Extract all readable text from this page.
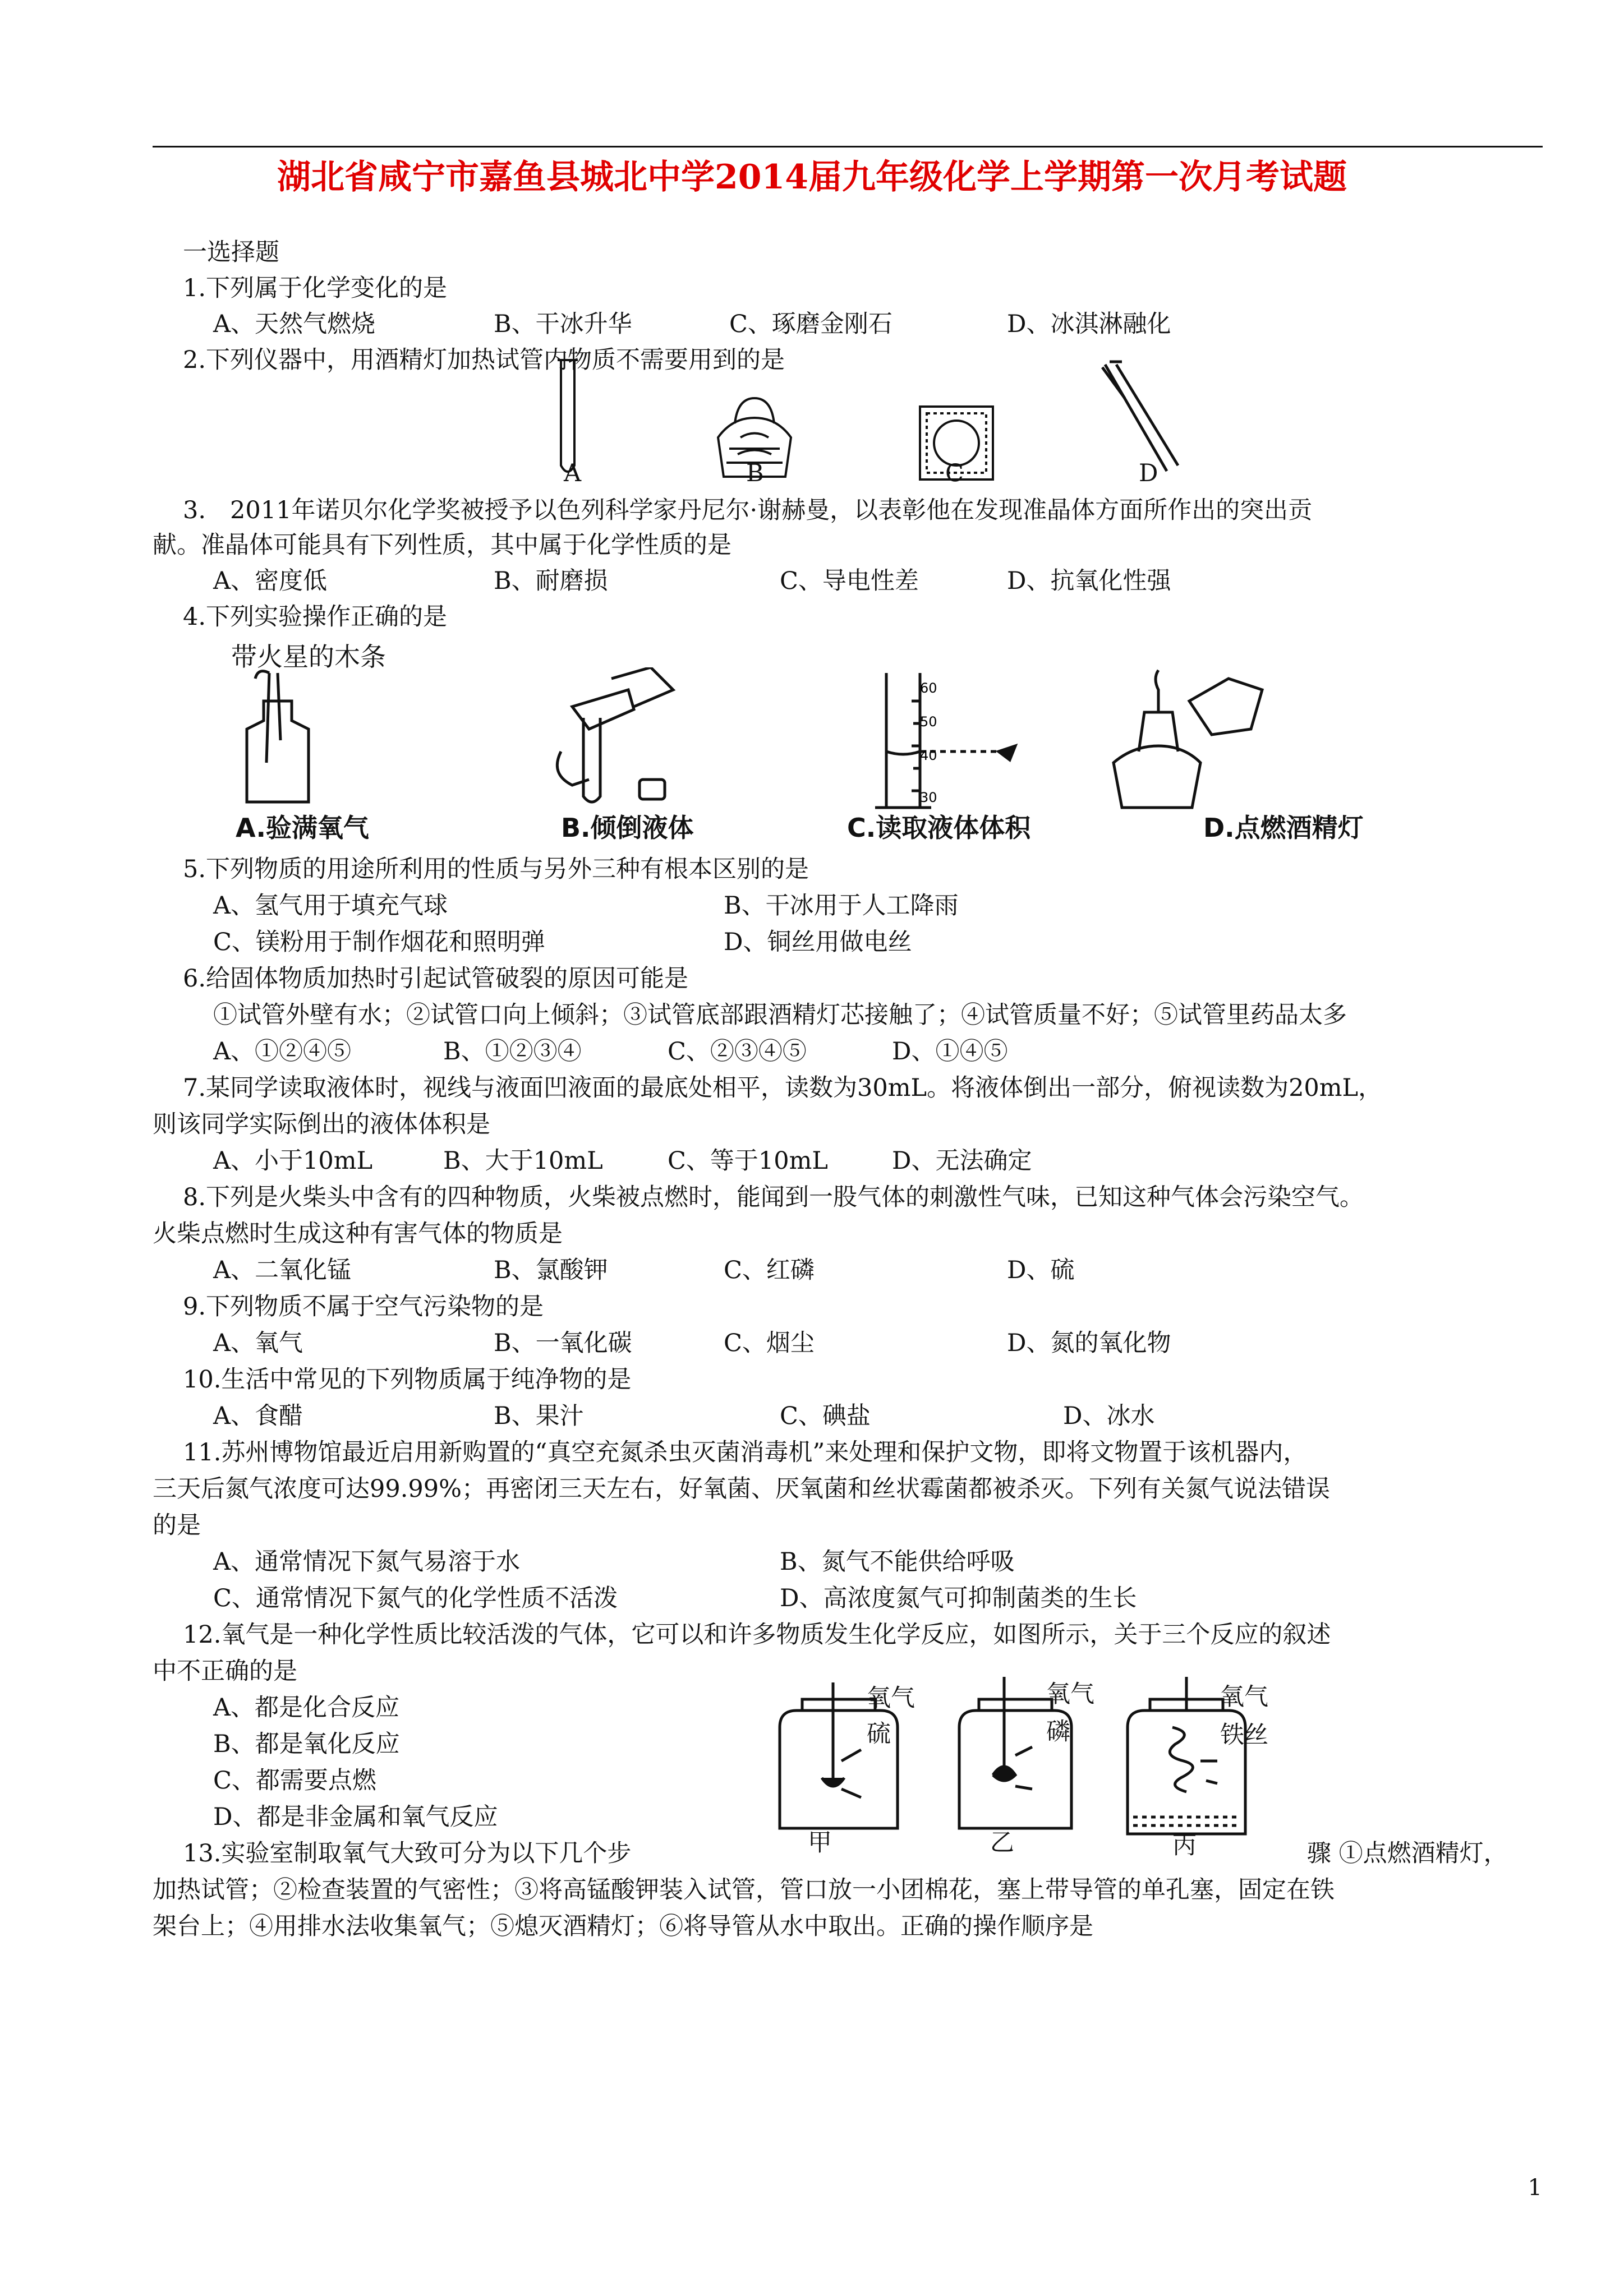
湖北省咸宁市嘉鱼县城北中学2014届九年级化学上学期第一次月考试题
一选择题
1.下列属于化学变化的是
A、天然气燃烧	B、干冰升华	C、琢磨金刚石	D、冰淇淋融化
2.下列仪器中，用酒精灯加热试管内物质不需要用到的是
A	B	C	D
3.　2011年诺贝尔化学奖被授予以色列科学家丹尼尔·谢赫曼，以表彰他在发现准晶体方面所作出的突出贡
献。准晶体可能具有下列性质，其中属于化学性质的是
A、密度低	B、耐磨损	C、导电性差	D、抗氧化性强
4.下列实验操作正确的是
带火星的木条
60
50
40
30
A.验满氧气	B.倾倒液体	C.读取液体体积	D.点燃酒精灯
5.下列物质的用途所利用的性质与另外三种有根本区别的是
A、氢气用于填充气球	B、干冰用于人工降雨
C、镁粉用于制作烟花和照明弹	D、铜丝用做电丝
6.给固体物质加热时引起试管破裂的原因可能是
①试管外壁有水；②试管口向上倾斜；③试管底部跟酒精灯芯接触了；④试管质量不好；⑤试管里药品太多
A、①②④⑤	B、①②③④	C、②③④⑤	D、①④⑤
7.某同学读取液体时，视线与液面凹液面的最底处相平，读数为30mL。将液体倒出一部分，俯视读数为20mL，
则该同学实际倒出的液体体积是
A、小于10mL	B、大于10mL	C、等于10mL	D、无法确定
8.下列是火柴头中含有的四种物质，火柴被点燃时，能闻到一股气体的刺激性气味，已知这种气体会污染空气。
火柴点燃时生成这种有害气体的物质是
A、二氧化锰	B、氯酸钾	C、红磷	D、硫
9.下列物质不属于空气污染物的是
A、氧气	B、一氧化碳	C、烟尘	D、氮的氧化物
10.生活中常见的下列物质属于纯净物的是
A、食醋	B、果汁	C、碘盐	D、冰水
11.苏州博物馆最近启用新购置的“真空充氮杀虫灭菌消毒机”来处理和保护文物，即将文物置于该机器内，
三天后氮气浓度可达99.99%；再密闭三天左右，好氧菌、厌氧菌和丝状霉菌都被杀灭。下列有关氮气说法错误
的是
A、通常情况下氮气易溶于水	B、氮气不能供给呼吸
C、通常情况下氮气的化学性质不活泼	D、高浓度氮气可抑制菌类的生长
12.氧气是一种化学性质比较活泼的气体，它可以和许多物质发生化学反应，如图所示，关于三个反应的叙述
中不正确的是
A、都是化合反应
B、都是氧化反应
C、都需要点燃
D、都是非金属和氧气反应
氧气
硫
甲
氧气
磷
乙
氧气
铁丝
丙
13.实验室制取氧气大致可分为以下几个步	骤 ①点燃酒精灯，
加热试管；②检查装置的气密性；③将高锰酸钾装入试管，管口放一小团棉花，塞上带导管的单孔塞，固定在铁
架台上；④用排水法收集氧气；⑤熄灭酒精灯；⑥将导管从水中取出。正确的操作顺序是
1
